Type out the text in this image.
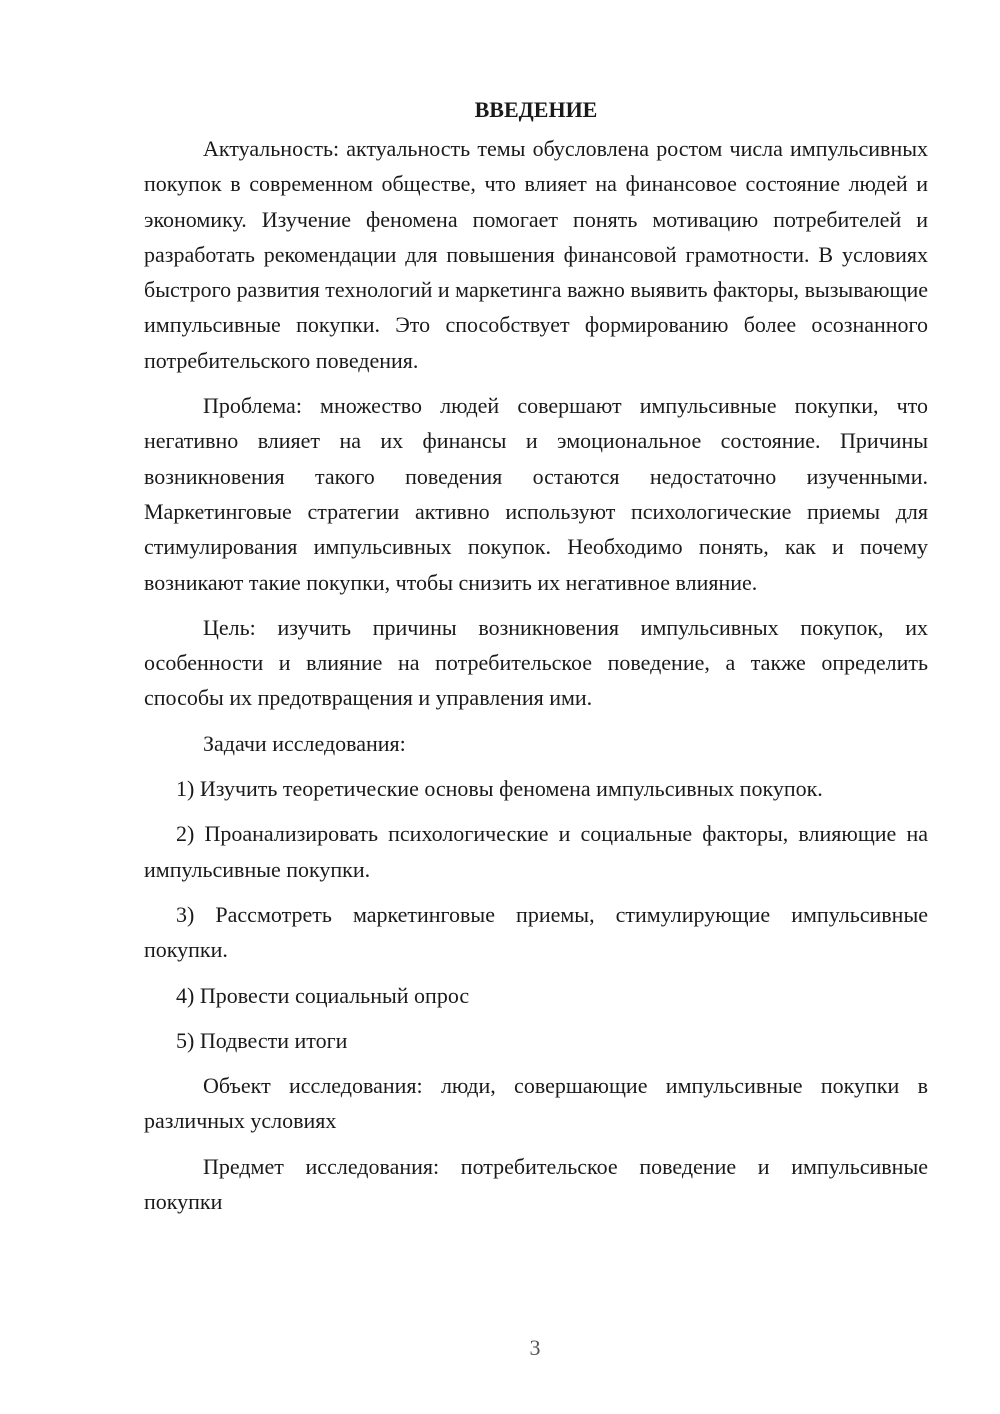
ВВЕДЕНИЕ

Актуальность: актуальность темы обусловлена ростом числа импульсивных покупок в современном обществе, что влияет на финансовое состояние людей и экономику. Изучение феномена помогает понять мотивацию потребителей и разработать рекомендации для повышения финансовой грамотности. В условиях быстрого развития технологий и маркетинга важно выявить факторы, вызывающие импульсивные покупки. Это способствует формированию более осознанного потребительского поведения.

Проблема: множество людей совершают импульсивные покупки, что негативно влияет на их финансы и эмоциональное состояние. Причины возникновения такого поведения остаются недостаточно изученными. Маркетинговые стратегии активно используют психологические приемы для стимулирования импульсивных покупок. Необходимо понять, как и почему возникают такие покупки, чтобы снизить их негативное влияние.

Цель: изучить причины возникновения импульсивных покупок, их особенности и влияние на потребительское поведение, а также определить способы их предотвращения и управления ими.

Задачи исследования:

1) Изучить теоретические основы феномена импульсивных покупок.

2) Проанализировать психологические и социальные факторы, влияющие на импульсивные покупки.

3) Рассмотреть маркетинговые приемы, стимулирующие импульсивные покупки.

4) Провести социальный опрос

5) Подвести итоги

Объект исследования: люди, совершающие импульсивные покупки в различных условиях

Предмет исследования: потребительское поведение и импульсивные покупки

3
